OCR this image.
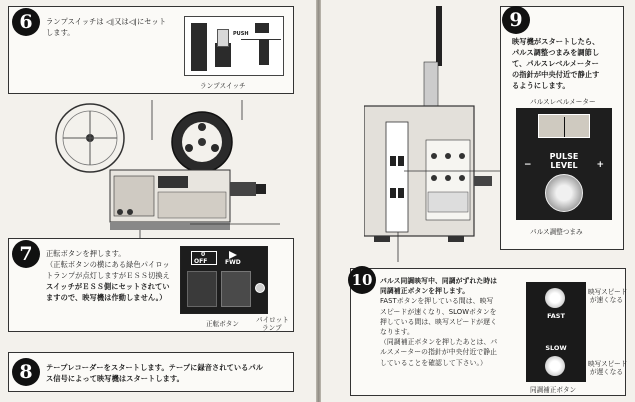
6	ランプスイッチは ◁|又は◁|にセット
します。	PUSH
ランプスイッチ
7	正転ボタンを押します。
（正転ボタンの横にある緑色パイロッ
トランプが点灯しますがＥＳＳ切換え
スイッチがＥＳＳ側にセットされてい
ますので、映写機は作動しません。）
0
OFF	FWD
正転ボタン	パイロット
ランプ
8	テープレコーダーをスタートします。テープに録音されているパル
ス信号によって映写機はスタートします。
9
映写機がスタートしたら、
パルス調整つまみを調節し
て、パルスレベルメーター
の指針が中央付近で静止す
るようにします。
パルスレベルメーター
PULSE
LEVEL
−	+
パルス調整つまみ
10	パルス同調映写中、同調がずれた時は
同調補正ボタンを押します。
FASTボタンを押している間は、映写
スピードが速くなり、SLOWボタンを
押している間は、映写スピードが遅く
なります。
（同調補正ボタンを押したあとは、パ
ルスメーターの指針が中央付近で静止
していることを確認して下さい。）
FAST
SLOW
映写スピード
が速くなる
映写スピード
が遅くなる
同調補正ボタン
